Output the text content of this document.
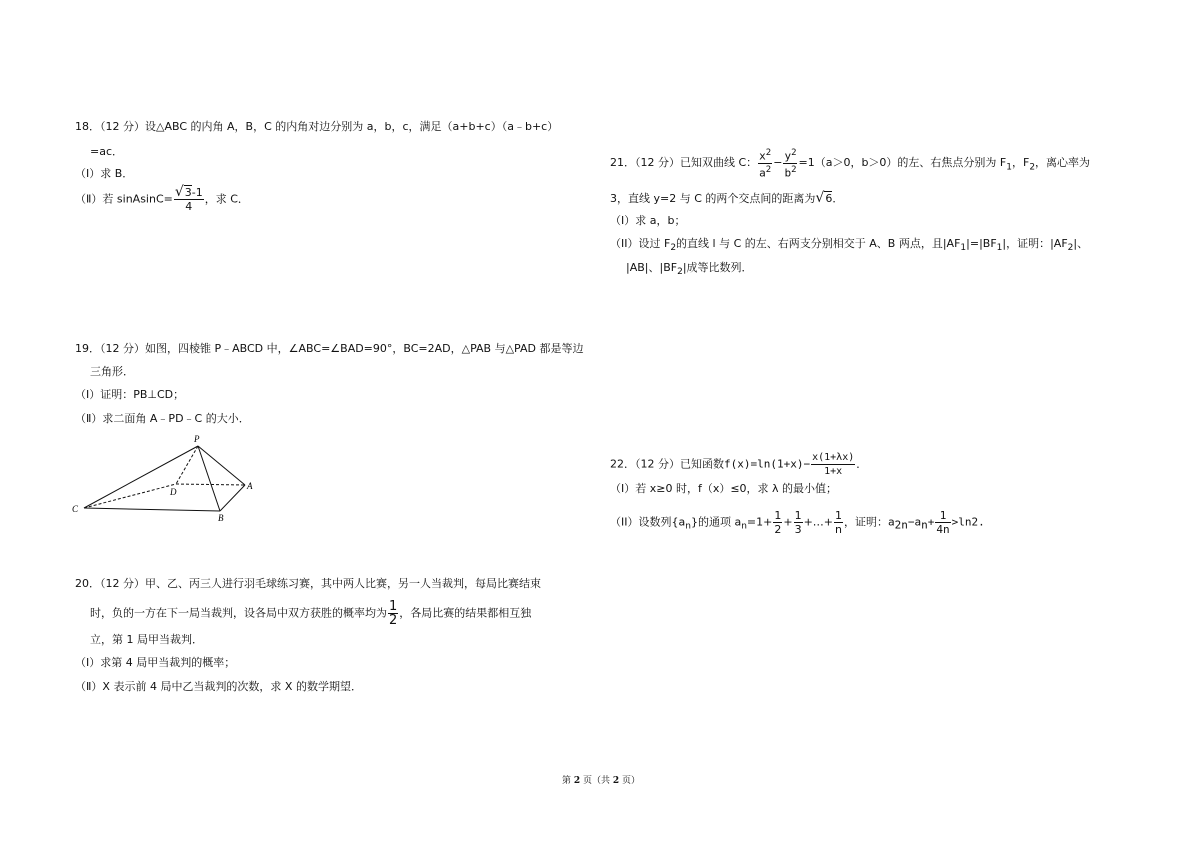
18．（12 分）设△ABC 的内角 A，B，C 的内角对边分别为 a，b，c，满足（a+b+c）（a﹣b+c）
=ac．
（Ⅰ）求 B．
（Ⅱ）若 sinAsinC= $\frac{√3-1}{4}$ ，求 C．
19．（12 分）如图，四棱锥 P﹣ABCD 中，∠ABC=∠BAD=90°，BC=2AD，△PAB 与△PAD 都是等边
三角形．
（Ⅰ）证明：PB⊥CD；
（Ⅱ）求二面角 A﹣PD﹣C 的大小．
P
A
B
C
D
20．（12 分）甲、乙、丙三人进行羽毛球练习赛，其中两人比赛，另一人当裁判，每局比赛结束
时，负的一方在下一局当裁判，设各局中双方获胜的概率均为 $\frac{1}{2}$ ，各局比赛的结果都相互独
立，第 1 局甲当裁判．
（Ⅰ）求第 4 局甲当裁判的概率；
（Ⅱ）X 表示前 4 局中乙当裁判的次数，求 X 的数学期望．
21．（12 分）已知双曲线 C： $\frac{x^2}{a^2} - \frac{y^2}{b^2} =1(a>0$，b＞0）的左、右焦点分别为 $F_1$，$F_2$，离心率为
3，直线 y=2 与 C 的两个交点间的距离为√6．
（I）求 a，b；
（II）设过 $F_2$的直线 l 与 C 的左、右两支分别相交于 A、B 两点，且$|AF_1|=|BF_1|$，证明：$|AF_2|$、
|AB|、$|BF_2|$成等比数列．
22．（12 分）已知函数$f(x)=\ln(1+x)- \frac{x(1+\lambda x)}{1+x}$ ．
（I）若 x≥0 时，f（x）≤0，求 λ 的最小值；
（II）设数列$\{a_n\}$的通项 $a_n=1+ \frac{1}{2} + \frac{1}{3}$ +…+ $\frac{1}{n}$ ，证明：$a2n-an+ \frac{1}{4n} >\ln 2$.
第 2 页（共 2 页）
